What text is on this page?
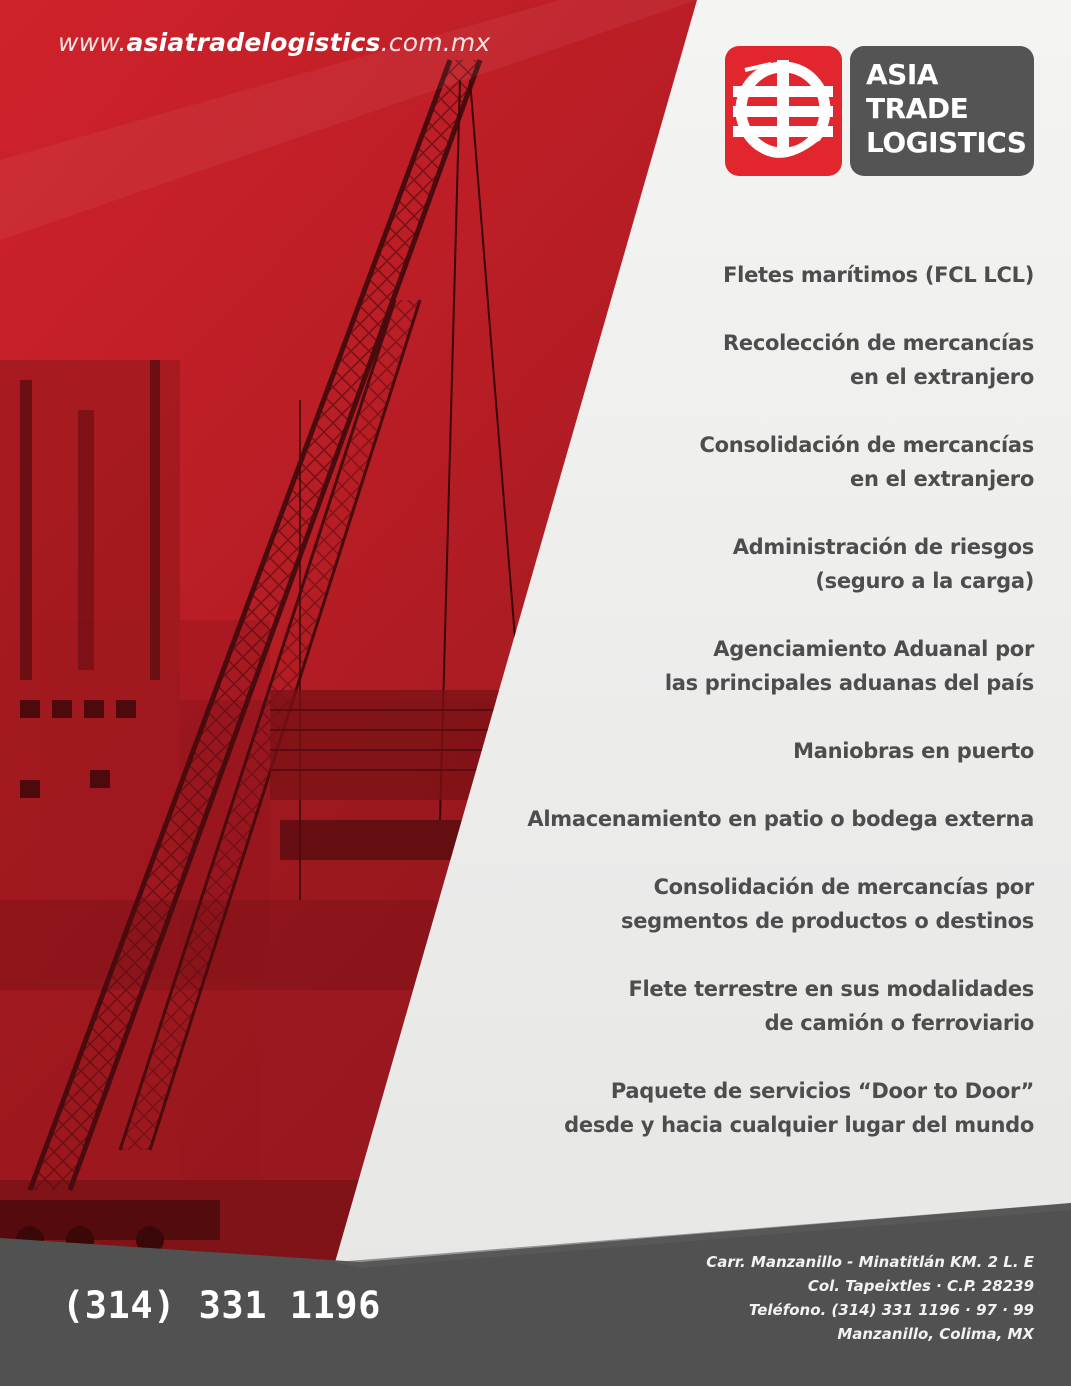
www.asiatradelogistics.com.mx
ASIA
TRADE
LOGISTICS
Fletes marítimos (FCL LCL)
Recolección de mercancías
en el extranjero
Consolidación de mercancías
en el extranjero
Administración de riesgos
(seguro a la carga)
Agenciamiento Aduanal por
las principales aduanas del país
Maniobras en puerto
Almacenamiento en patio o bodega externa
Consolidación de mercancías por
segmentos de productos o destinos
Flete terrestre en sus modalidades
de camión o ferroviario
Paquete de servicios “Door to Door”
desde y hacia cualquier lugar del mundo
(314) 331 1196
Carr. Manzanillo - Minatitlán KM. 2 L. E
Col. Tapeixtles · C.P. 28239
Teléfono. (314) 331 1196 · 97 · 99
Manzanillo, Colima, MX
